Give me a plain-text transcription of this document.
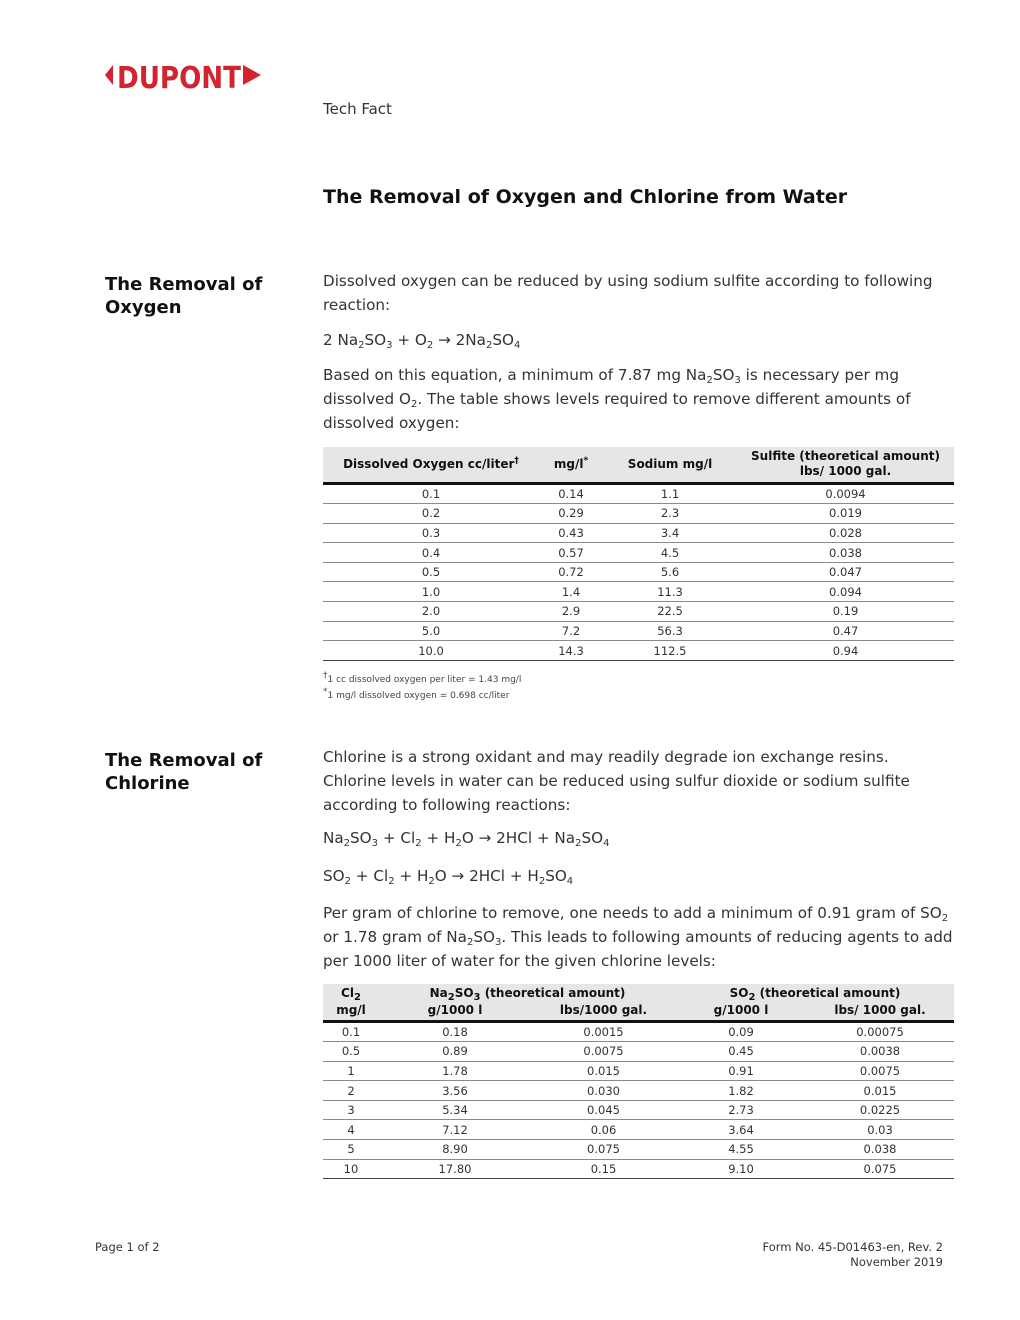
DUPONT
Tech Fact
The Removal of Oxygen and Chlorine from Water
The Removal of Oxygen

Dissolved oxygen can be reduced by using sodium sulfite according to following reaction:

2 $Na_2SO_3 + O_2 \to 2Na_2SO_4$

Based on this equation, a minimum of 7.87 mg $Na_2SO_3$ is necessary per mg dissolved $O_2$. The table shows levels required to remove different amounts of dissolved oxygen:

Dissolved Oxygen cc/liter†	mg/l*	Sodium mg/l	Sulfite (theoretical amount)
lbs/ 1000 gal.

0.1	0.14	1.1	0.0094
0.2	0.29	2.3	0.019
0.3	0.43	3.4	0.028
0.4	0.57	4.5	0.038
0.5	0.72	5.6	0.047
1.0	1.4	11.3	0.094
2.0	2.9	22.5	0.19
5.0	7.2	56.3	0.47
10.0	14.3	112.5	0.94
†1 cc dissolved oxygen per liter = 1.43 mg/l
*1 mg/l dissolved oxygen = 0.698 cc/liter
The Removal of Chlorine

Chlorine is a strong oxidant and may readily degrade ion exchange resins. Chlorine levels in water can be reduced using sulfur dioxide or sodium sulfite according to following reactions:

$Na_2SO_3 + Cl_2 + H_2O \to 2HCl + Na_2SO_4$
$SO_2 + Cl_2 + H_2O \to 2HCl + H_2SO_4$

Per gram of chlorine to remove, one needs to add a minimum of 0.91 gram of $SO_2$ or 1.78 gram of $Na_2SO_3$. This leads to following amounts of reducing agents to add per 1000 liter of water for the given chlorine levels:

$Cl_2$	$Na_2SO_3$ (theoretical amount)		$SO_2$ (theoretical amount)	
mg/l	g/1000 l	lbs/1000 gal.	g/1000 l	lbs/ 1000 gal.
0.1	0.18	0.0015	0.09	0.00075
0.5	0.89	0.0075	0.45	0.0038
1	1.78	0.015	0.91	0.0075
2	3.56	0.030	1.82	0.015
3	5.34	0.045	2.73	0.0225
4	7.12	0.06	3.64	0.03
5	8.90	0.075	4.55	0.038
10	17.80	0.15	9.10	0.075
Page 1 of 2	Form No. 45-D01463-en, Rev. 2
November 2019
